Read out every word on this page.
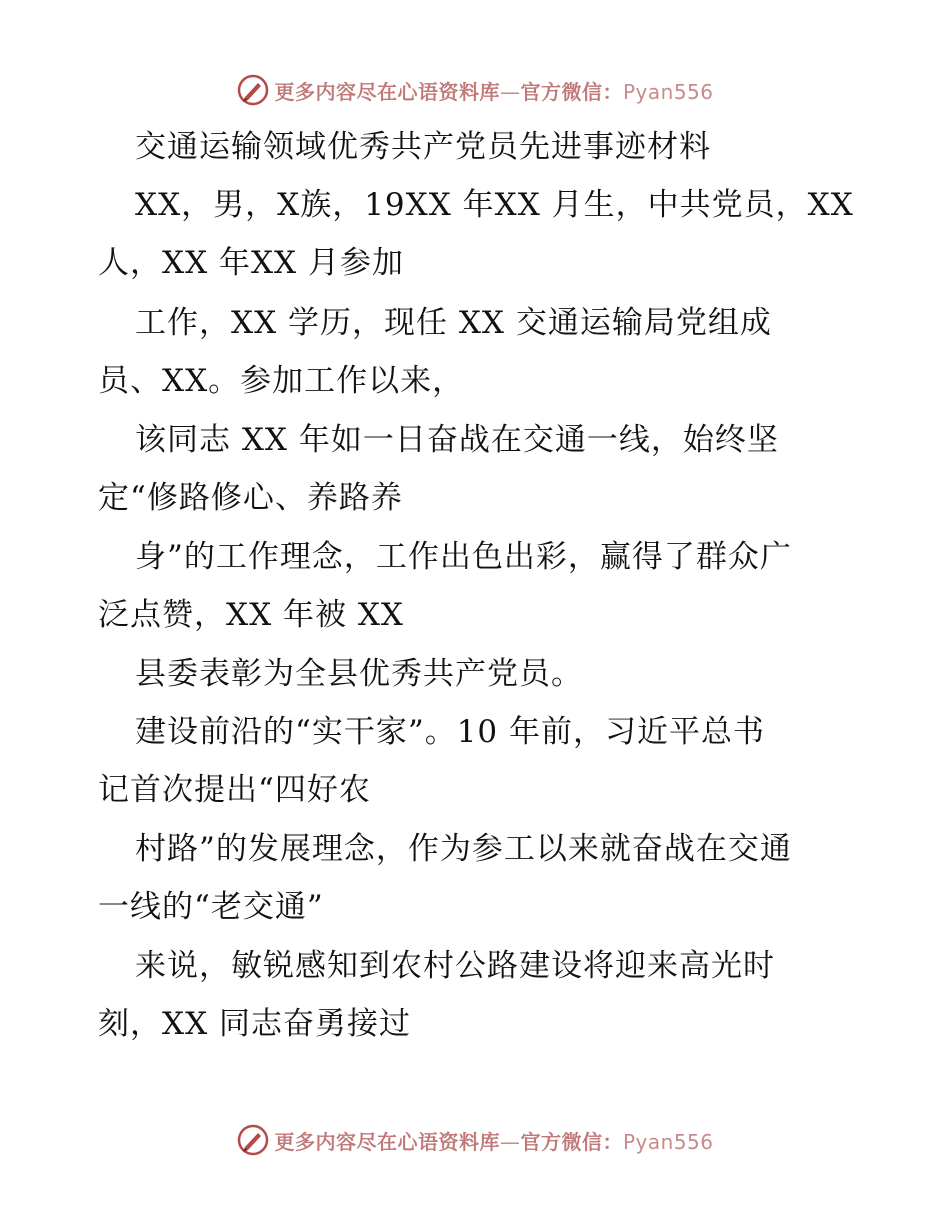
更多内容尽在心语资料库—官方微信：Pyan556
交通运输领域优秀共产党员先进事迹材料
XX，男，X族，19XX 年XX 月生，中共党员，XX
人，XX 年XX 月参加
工作，XX 学历，现任 XX 交通运输局党组成
员、XX。参加工作以来，
该同志 XX 年如一日奋战在交通一线，始终坚
定“修路修心、养路养
身”的工作理念，工作出色出彩，赢得了群众广
泛点赞，XX 年被 XX
县委表彰为全县优秀共产党员。
建设前沿的“实干家”。10 年前，习近平总书
记首次提出“四好农
村路”的发展理念，作为参工以来就奋战在交通
一线的“老交通”
来说，敏锐感知到农村公路建设将迎来高光时
刻，XX 同志奋勇接过
更多内容尽在心语资料库—官方微信：Pyan556
